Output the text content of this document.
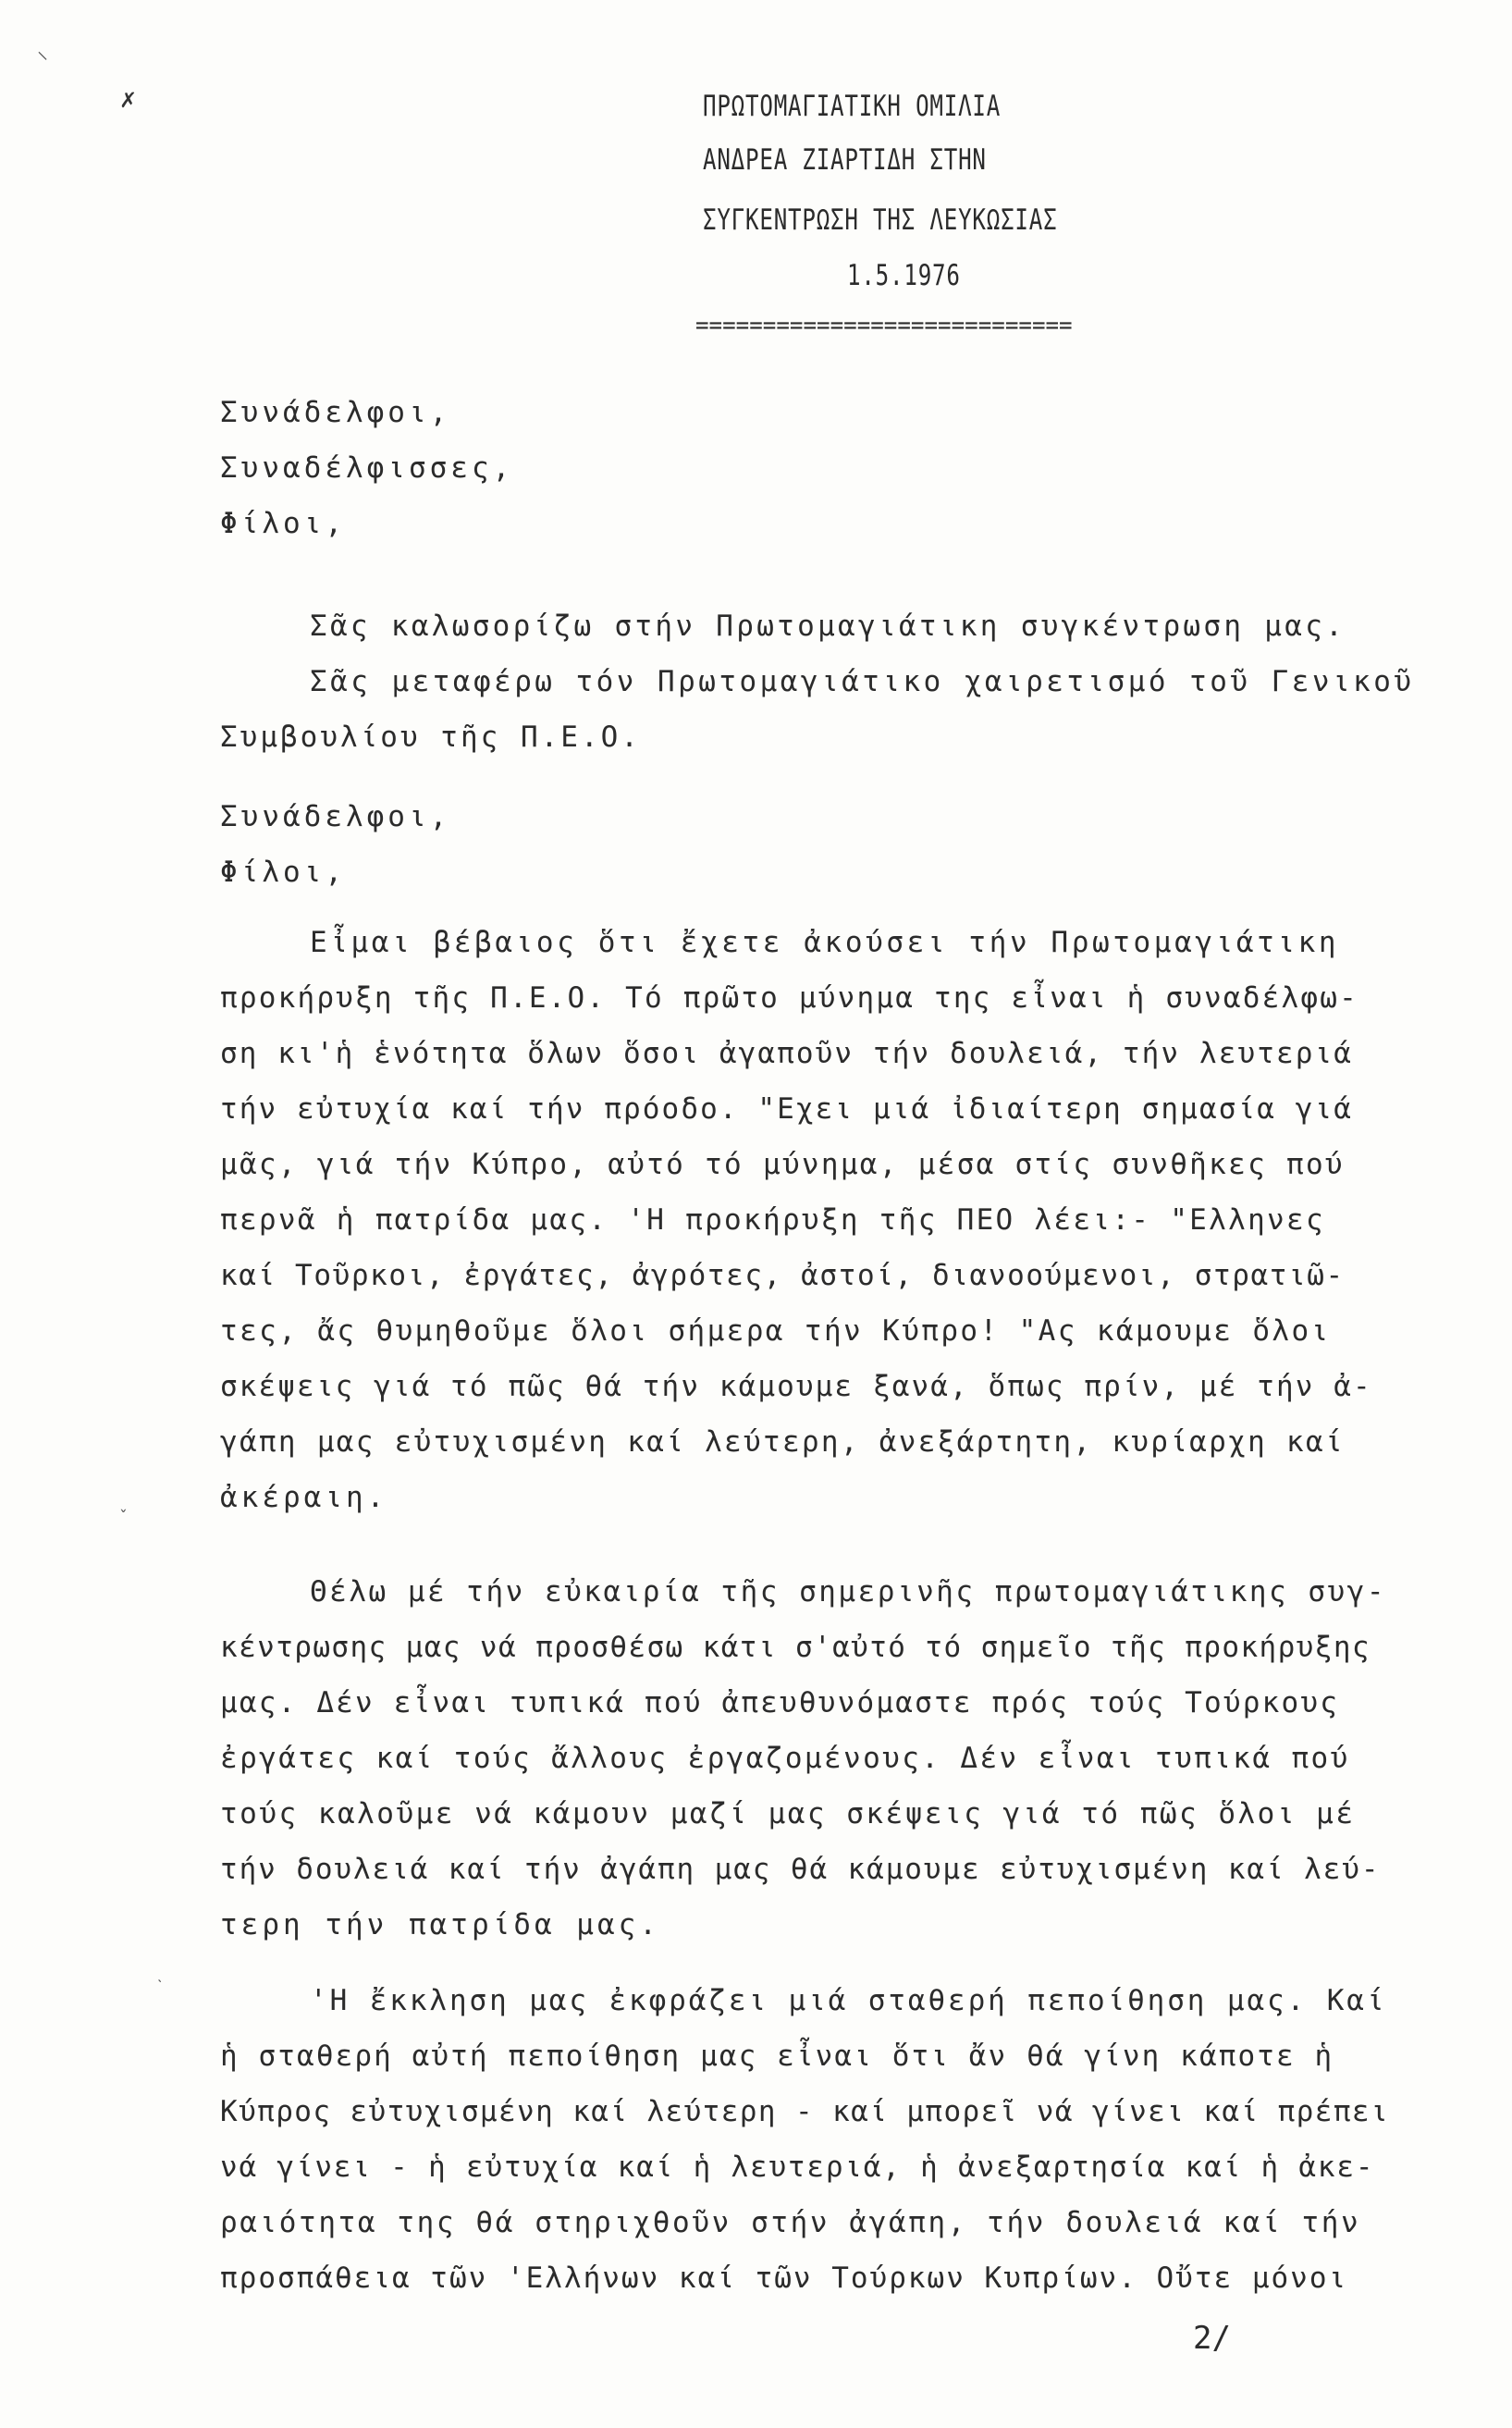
⸌
✗	ΠΡΩΤΟΜΑΓΙΑΤΙΚΗ ΟΜΙΛΙΑ
ΑΝΔΡΕΑ ΖΙΑΡΤΙΔΗ ΣΤΗΝ
ΣΥΓΚΕΝΤΡΩΣΗ ΤΗΣ ΛΕΥΚΩΣΙΑΣ
1.5.1976
============================
Συνάδελφοι,
Συναδέλφισσες,
Φίλοι,
Σᾶς καλωσορίζω στήν Πρωτομαγιάτικη συγκέντρωση μας.
Σᾶς μεταφέρω τόν Πρωτομαγιάτικο χαιρετισμό τοῦ Γενικοῦ
Συμβουλίου τῆς Π.Ε.Ο.
Συνάδελφοι,
Φίλοι,
Εἶμαι βέβαιος ὅτι ἔχετε ἀκούσει τήν Πρωτομαγιάτικη
προκήρυξη τῆς Π.Ε.Ο. Τό πρῶτο μύνημα της εἶναι ἡ συναδέλφω-
ση κι'ἡ ἑνότητα ὅλων ὅσοι ἀγαποῦν τήν δουλειά, τήν λευτεριά
τήν εὐτυχία καί τήν πρόοδο. "Εχει μιά ἰδιαίτερη σημασία γιά
μᾶς, γιά τήν Κύπρο, αὐτό τό μύνημα, μέσα στίς συνθῆκες πού
περνᾶ ἡ πατρίδα μας. 'Η προκήρυξη τῆς ΠΕΟ λέει:- "Ελληνες
καί Τοῦρκοι, ἐργάτες, ἀγρότες, ἀστοί, διανοούμενοι, στρατιῶ-
τες, ἄς θυμηθοῦμε ὅλοι σήμερα τήν Κύπρο! "Ας κάμουμε ὅλοι
σκέψεις γιά τό πῶς θά τήν κάμουμε ξανά, ὅπως πρίν, μέ τήν ἀ-
γάπη μας εὐτυχισμένη καί λεύτερη, ἀνεξάρτητη, κυρίαρχη καί
ἀκέραιη.
Θέλω μέ τήν εὐκαιρία τῆς σημερινῆς πρωτομαγιάτικης συγ-
κέντρωσης μας νά προσθέσω κάτι σ'αὐτό τό σημεῖο τῆς προκήρυξης
μας. Δέν εἶναι τυπικά πού ἀπευθυνόμαστε πρός τούς Τούρκους
ἐργάτες καί τούς ἄλλους ἐργαζομένους. Δέν εἶναι τυπικά πού
τούς καλοῦμε νά κάμουν μαζί μας σκέψεις γιά τό πῶς ὅλοι μέ
τήν δουλειά καί τήν ἀγάπη μας θά κάμουμε εὐτυχισμένη καί λεύ-
τερη τήν πατρίδα μας.
'Η ἔκκληση μας ἐκφράζει μιά σταθερή πεποίθηση μας. Καί
ἡ σταθερή αὐτή πεποίθηση μας εἶναι ὅτι ἄν θά γίνη κάποτε ἡ
Κύπρος εὐτυχισμένη καί λεύτερη - καί μπορεῖ νά γίνει καί πρέπει
νά γίνει - ἡ εὐτυχία καί ἡ λευτεριά, ἡ ἀνεξαρτησία καί ἡ ἀκε-
ραιότητα της θά στηριχθοῦν στήν ἀγάπη, τήν δουλειά καί τήν
προσπάθεια τῶν 'Ελλήνων καί τῶν Τούρκων Κυπρίων. Οὔτε μόνοι
2/
ˇ
ˋ
